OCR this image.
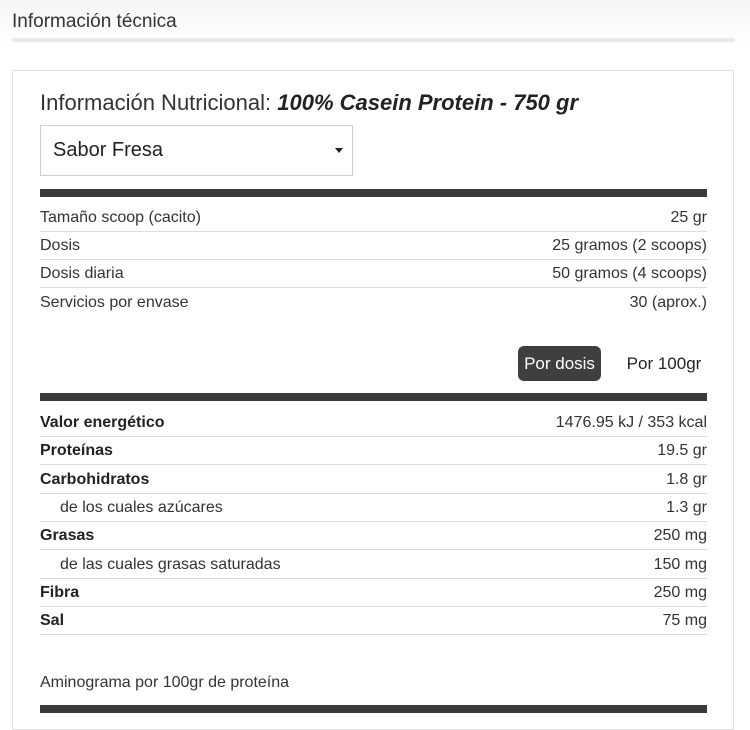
Información técnica
Información Nutricional: 100% Casein Protein - 750 gr
Sabor Fresa
Tamaño scoop (cacito)	25 gr
Dosis	25 gramos (2 scoops)
Dosis diaria	50 gramos (4 scoops)
Servicios por envase	30 (aprox.)
Por dosis	Por 100gr
Valor energético	1476.95 kJ / 353 kcal
Proteínas	19.5 gr
Carbohidratos	1.8 gr
de los cuales azúcares	1.3 gr
Grasas	250 mg
de las cuales grasas saturadas	150 mg
Fibra	250 mg
Sal	75 mg
Aminograma por 100gr de proteína
